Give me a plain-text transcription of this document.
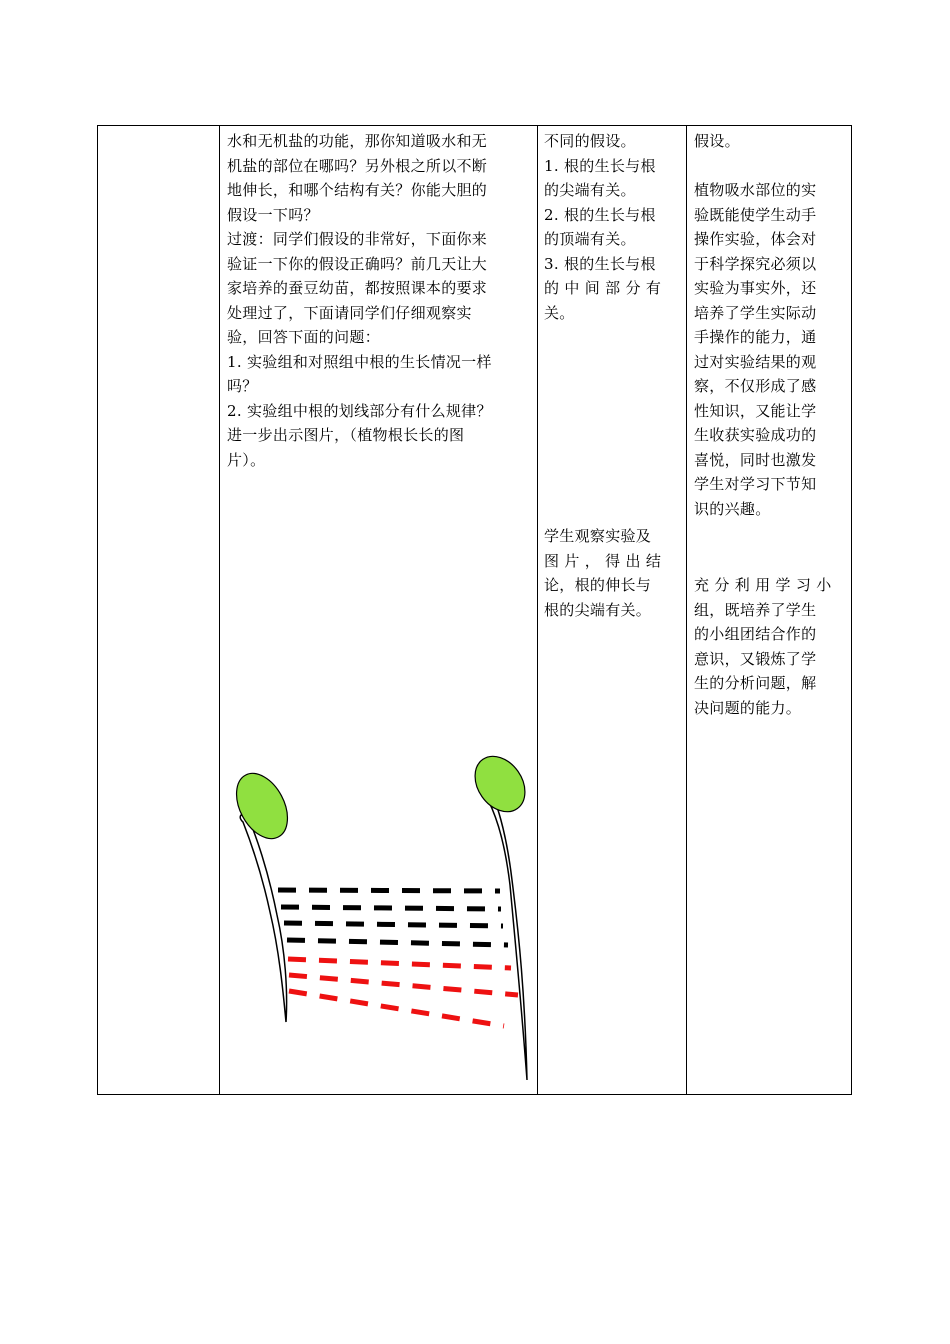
水和无机盐的功能，那你知道吸水和无

机盐的部位在哪吗？另外根之所以不断

地伸长，和哪个结构有关？你能大胆的

假设一下吗？

过渡：同学们假设的非常好，下面你来

验证一下你的假设正确吗？前几天让大

家培养的蚕豆幼苗，都按照课本的要求

处理过了，下面请同学们仔细观察实

验，回答下面的问题：

1. 实验组和对照组中根的生长情况一样

吗？

2. 实验组中根的划线部分有什么规律？

进一步出示图片，（植物根长长的图

片）。

不同的假设。

1. 根的生长与根

的尖端有关。

2. 根的生长与根

的顶端有关。

3. 根的生长与根

的 中 间 部 分 有

关。

学生观察实验及

图 片 ， 得 出 结

论，根的伸长与

根的尖端有关。

假设。

植物吸水部位的实

验既能使学生动手

操作实验，体会对

于科学探究必须以

实验为事实外，还

培养了学生实际动

手操作的能力，通

过对实验结果的观

察，不仅形成了感

性知识，又能让学

生收获实验成功的

喜悦，同时也激发

学生对学习下节知

识的兴趣。

充 分 利 用 学 习 小

组，既培养了学生

的小组团结合作的

意识，又锻炼了学

生的分析问题，解

决问题的能力。
